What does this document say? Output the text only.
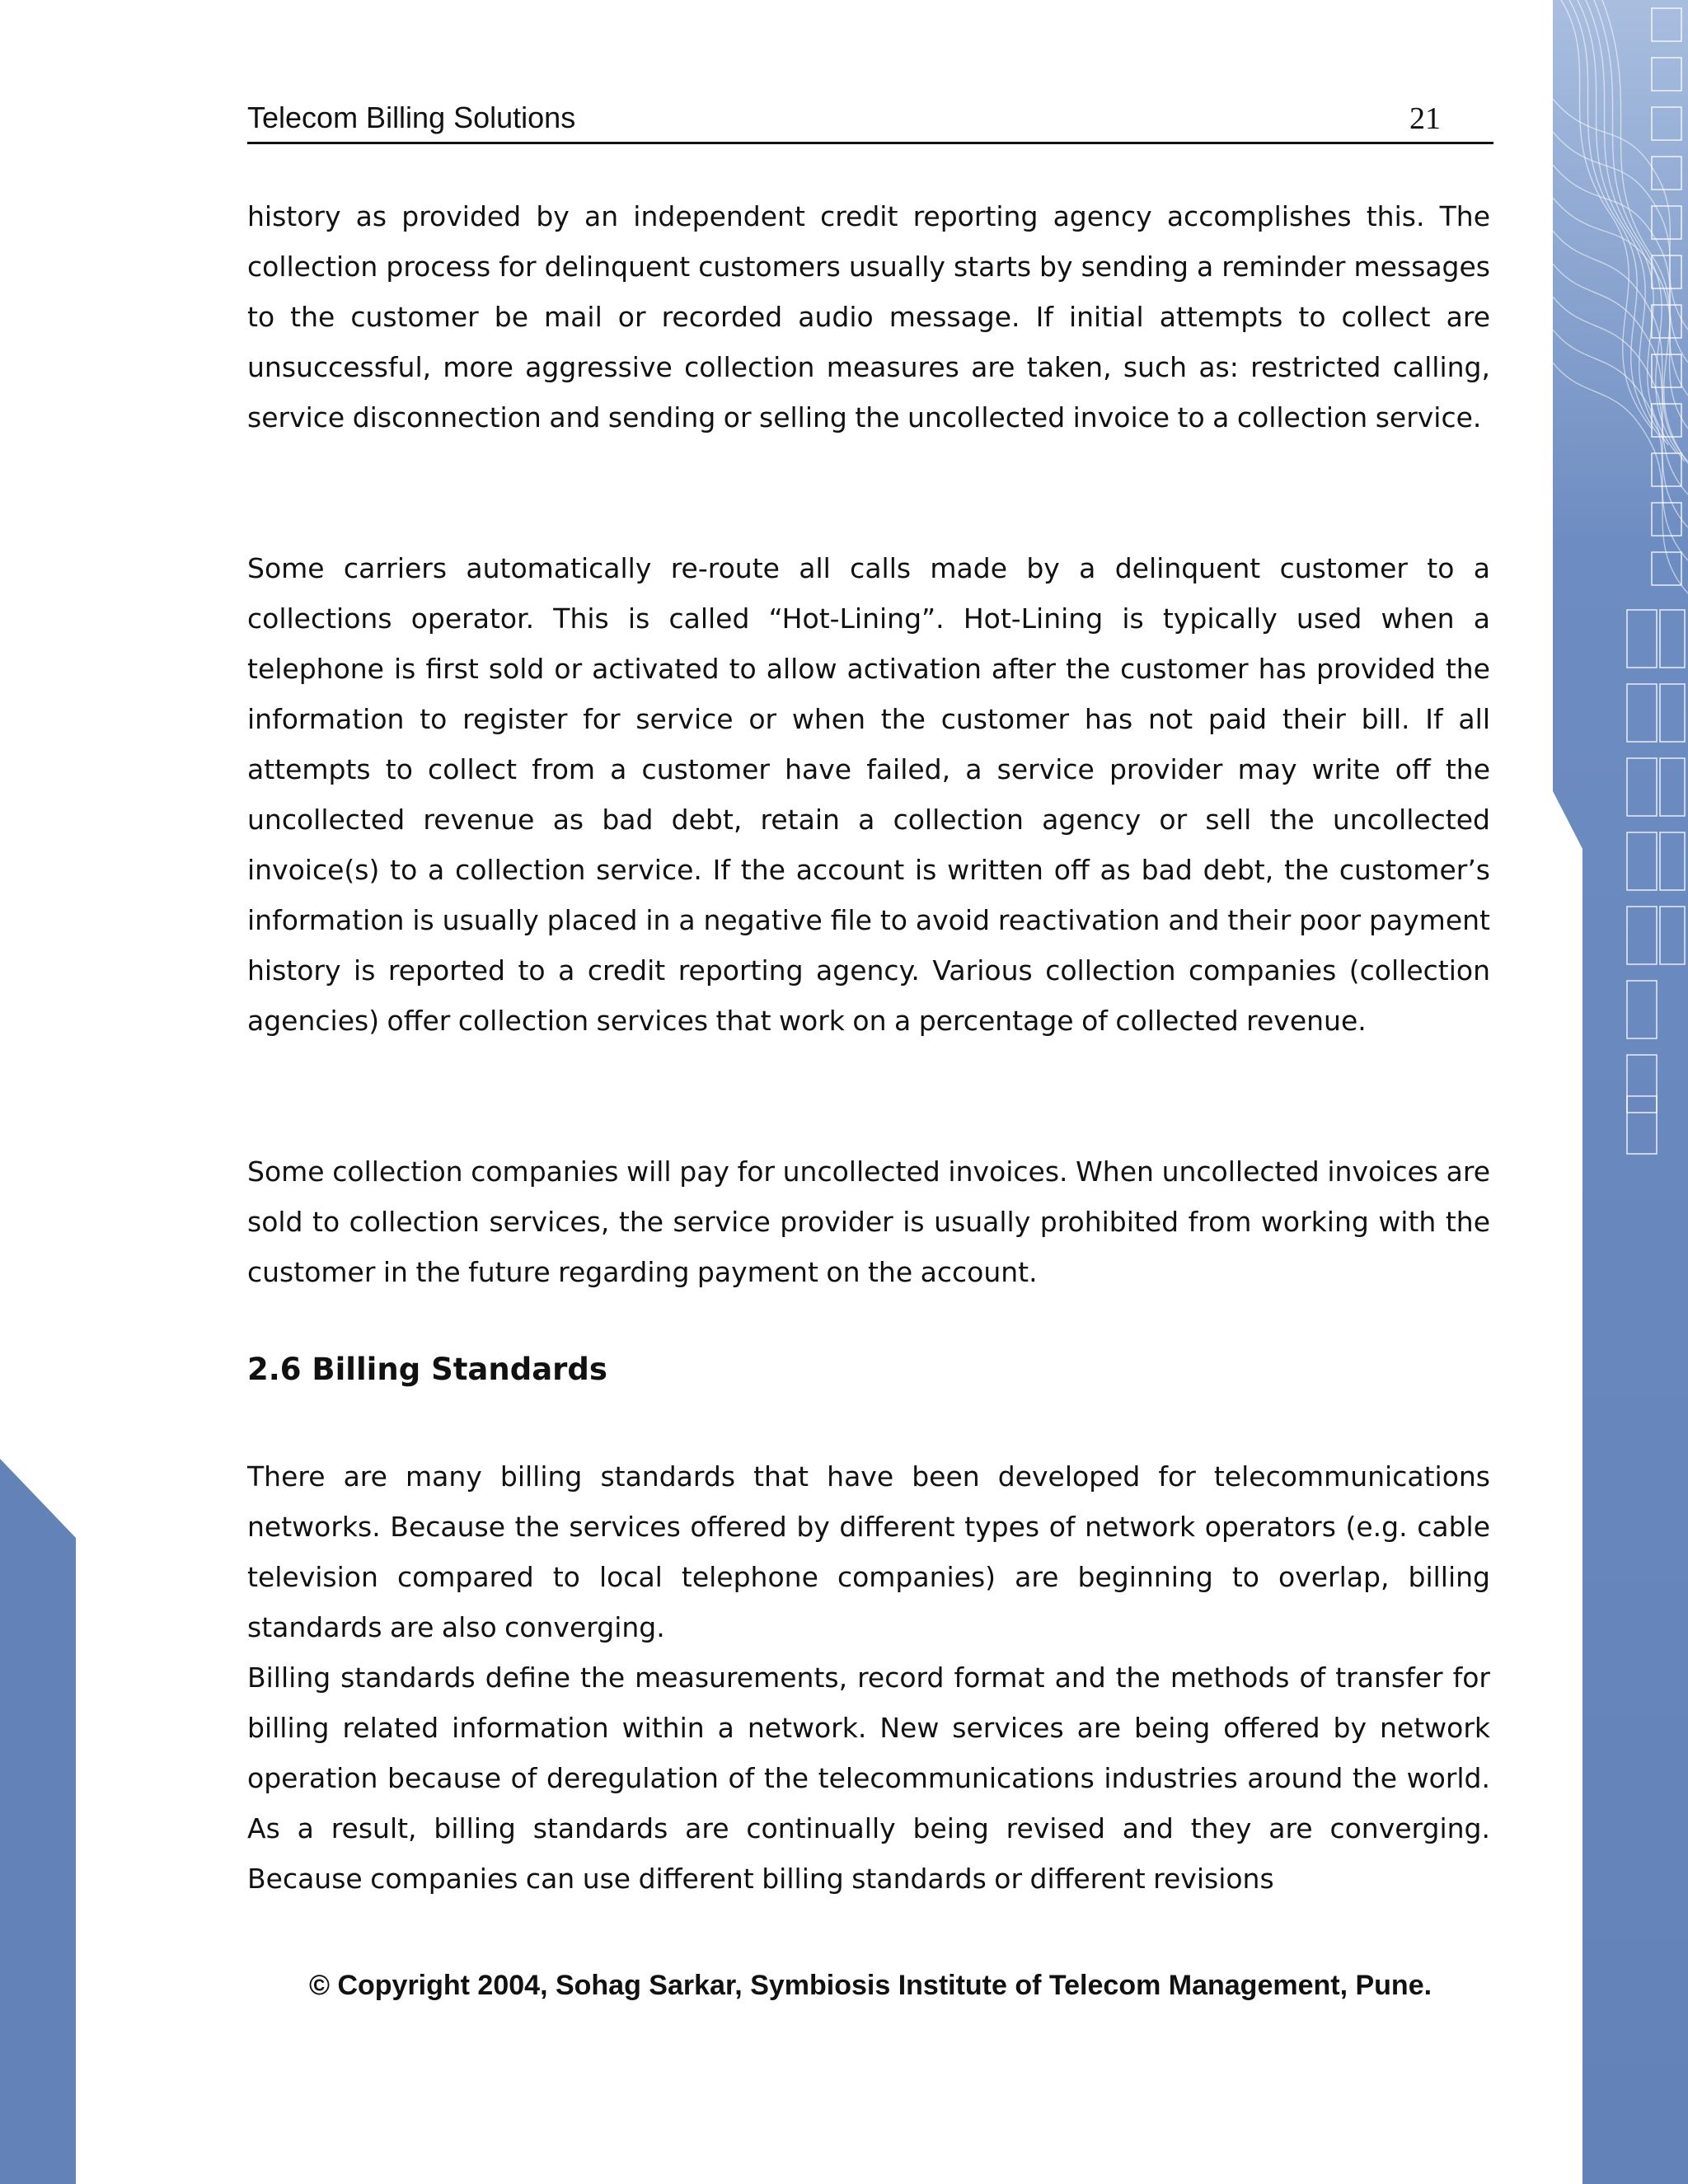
Telecom Billing Solutions	21

history as provided by an independent credit reporting agency accomplishes this. The collection process for delinquent customers usually starts by sending a reminder messages to the customer be mail or recorded audio message. If initial attempts to collect are unsuccessful, more aggressive collection measures are taken, such as: restricted calling, service disconnection and sending or selling the uncollected invoice to a collection service.

Some carriers automatically re-route all calls made by a delinquent customer to a collections operator. This is called “Hot-Lining”. Hot-Lining is typically used when a telephone is first sold or activated to allow activation after the customer has provided the information to register for service or when the customer has not paid their bill. If all attempts to collect from a customer have failed, a service provider may write off the uncollected revenue as bad debt, retain a collection agency or sell the uncollected invoice(s) to a collection service. If the account is written off as bad debt, the customer’s information is usually placed in a negative file to avoid reactivation and their poor payment history is reported to a credit reporting agency. Various collection companies (collection agencies) offer collection services that work on a percentage of collected revenue.

Some collection companies will pay for uncollected invoices. When uncollected invoices are sold to collection services, the service provider is usually prohibited from working with the customer in the future regarding payment on the account.

2.6 Billing Standards

There are many billing standards that have been developed for telecommunications networks. Because the services offered by different types of network operators (e.g. cable television compared to local telephone companies) are beginning to overlap, billing standards are also converging.

Billing standards define the measurements, record format and the methods of transfer for billing related information within a network. New services are being offered by network operation because of deregulation of the telecommunications industries around the world. As a result, billing standards are continually being revised and they are converging. Because companies can use different billing standards or different revisions

© Copyright 2004, Sohag Sarkar, Symbiosis Institute of Telecom Management, Pune.
